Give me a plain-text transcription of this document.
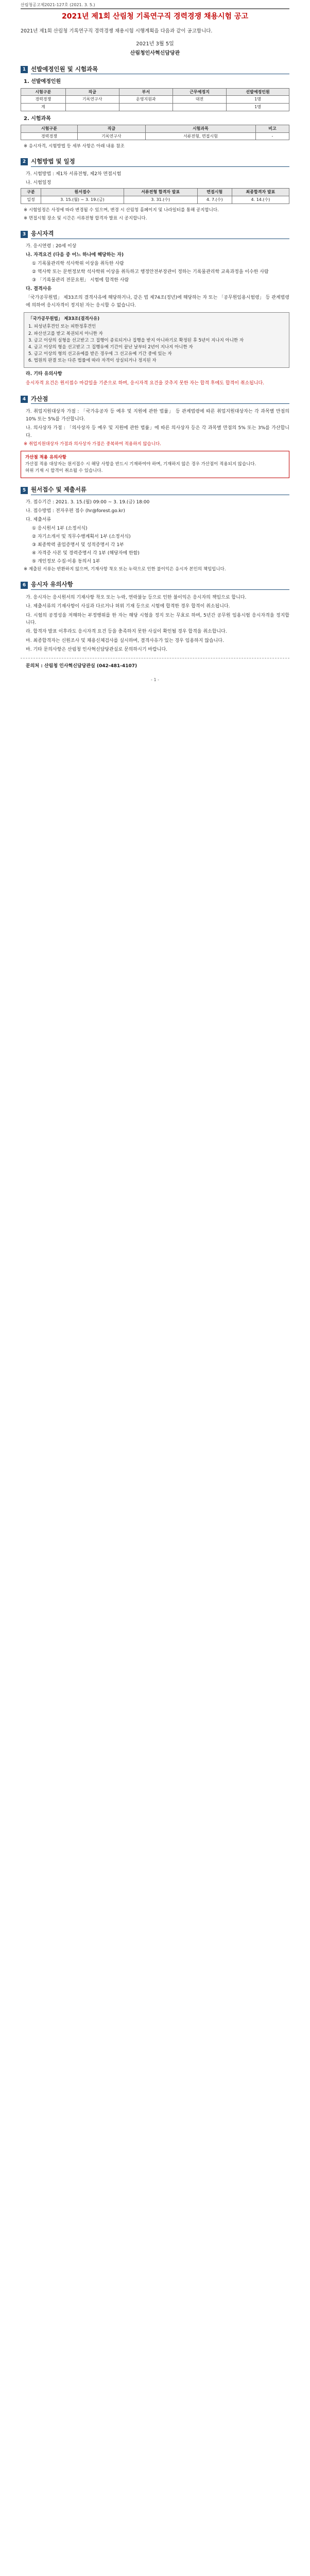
산림청공고제2021-127호 (2021. 3. 5.)
2021년 제1회 산림청 기록연구직 경력경쟁 채용시험 공고
2021년 제1회 산림청 기록연구직 경력경쟁 채용시험 시행계획을 다음과 같이 공고합니다.
2021년 3월 5일
산림청인사혁신담당관
1 선발예정인원 및 시험과목
1. 선발예정인원
시험구분	직급	부서	근무예정지	선발예정인원
경력경쟁	기록연구사	운영지원과	대전	1명
계				1명
2. 시험과목
시험구분	직급	시험과목	비고
경력경쟁	기록연구사	서류전형, 면접시험	-
※ 응시자격, 시험방법 등 세부 사항은 아래 내용 참조
2 시험방법 및 일정
가. 시험방법 : 제1차 서류전형, 제2차 면접시험
나. 시험일정
구분	원서접수	서류전형 합격자 발표	면접시험	최종합격자 발표
일정	3. 15.(월) ~ 3. 19.(금)	3. 31.(수)	4. 7.(수)	4. 14.(수)
※ 시험일정은 사정에 따라 변경될 수 있으며, 변경 시 산림청 홈페이지 및 나라일터를 통해 공지합니다.
※ 면접시험 장소 및 시간은 서류전형 합격자 발표 시 공지합니다.
3 응시자격
가. 응시연령 : 20세 이상
나. 자격요건 (다음 중 어느 하나에 해당하는 자)
① 기록물관리학 석사학위 이상을 취득한 사람
② 역사학 또는 문헌정보학 석사학위 이상을 취득하고 행정안전부장관이 정하는 기록물관리학 교육과정을 이수한 사람
③ 「기록물관리 전문요원」 시험에 합격한 사람
다. 결격사유
「국가공무원법」 제33조의 결격사유에 해당하거나, 같은 법 제74조(정년)에 해당하는 자 또는 「공무원임용시험령」 등 관계법령에 의하여 응시자격이 정지된 자는 응시할 수 없습니다.
「국가공무원법」 제33조(결격사유)
1. 피성년후견인 또는 피한정후견인
2. 파산선고를 받고 복권되지 아니한 자
3. 금고 이상의 실형을 선고받고 그 집행이 종료되거나 집행을 받지 아니하기로 확정된 후 5년이 지나지 아니한 자
4. 금고 이상의 형을 선고받고 그 집행유예 기간이 끝난 날부터 2년이 지나지 아니한 자
5. 금고 이상의 형의 선고유예를 받은 경우에 그 선고유예 기간 중에 있는 자
6. 법원의 판결 또는 다른 법률에 따라 자격이 상실되거나 정지된 자
라. 기타 유의사항
응시자격 요건은 원서접수 마감일을 기준으로 하며, 응시자격 요건을 갖추지 못한 자는 합격 후에도 합격이 취소됩니다.
4 가산점
가. 취업지원대상자 가점 : 「국가유공자 등 예우 및 지원에 관한 법률」 등 관계법령에 따른 취업지원대상자는 각 과목별 만점의 10% 또는 5%를 가산합니다.
나. 의사상자 가점 : 「의사상자 등 예우 및 지원에 관한 법률」에 따른 의사상자 등은 각 과목별 만점의 5% 또는 3%를 가산합니다.
※ 취업지원대상자 가점과 의사상자 가점은 중복하여 적용하지 않습니다.
가산점 적용 유의사항
가산점 적용 대상자는 원서접수 시 해당 사항을 반드시 기재하여야 하며, 기재하지 않은 경우 가산점이 적용되지 않습니다.
허위 기재 시 합격이 취소될 수 있습니다.
5 원서접수 및 제출서류
가. 접수기간 : 2021. 3. 15.(월) 09:00 ~ 3. 19.(금) 18:00
나. 접수방법 : 전자우편 접수 (hr@forest.go.kr)
다. 제출서류
① 응시원서 1부 (소정서식)
② 자기소개서 및 직무수행계획서 1부 (소정서식)
③ 최종학력 졸업증명서 및 성적증명서 각 1부
④ 자격증 사본 및 경력증명서 각 1부 (해당자에 한함)
⑤ 개인정보 수집·이용 동의서 1부
※ 제출된 서류는 반환하지 않으며, 기재사항 착오 또는 누락으로 인한 불이익은 응시자 본인의 책임입니다.
6 응시자 유의사항
가. 응시자는 응시원서의 기재사항 착오 또는 누락, 연락불능 등으로 인한 불이익은 응시자의 책임으로 합니다.
나. 제출서류의 기재사항이 사실과 다르거나 허위 기재 등으로 시험에 합격한 경우 합격이 취소됩니다.
다. 시험의 공정성을 저해하는 부정행위를 한 자는 해당 시험을 정지 또는 무효로 하며, 5년간 공무원 임용시험 응시자격을 정지합니다.
라. 합격자 발표 이후라도 응시자격 요건 등을 충족하지 못한 사실이 확인될 경우 합격을 취소합니다.
마. 최종합격자는 신원조사 및 채용신체검사를 실시하며, 결격사유가 있는 경우 임용하지 않습니다.
바. 기타 문의사항은 산림청 인사혁신담당관실로 문의하시기 바랍니다.
문의처 : 산림청 인사혁신담당관실 (042-481-4107)
- 1 -
